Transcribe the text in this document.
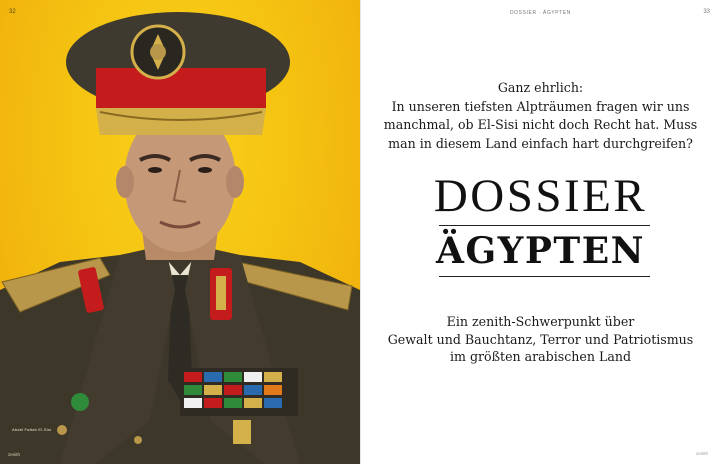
32
Abdel Fattah El-Sisi
zenith
DOSSIER · ÄGYPTEN	33
Ganz ehrlich:
In unseren tiefsten Alpträumen fragen wir uns
manchmal, ob El-Sisi nicht doch Recht hat. Muss
man in diesem Land einfach hart durchgreifen?
DOSSIER
ÄGYPTEN
Ein zenith-Schwerpunkt über
Gewalt und Bauchtanz, Terror und Patriotismus
im größten arabischen Land
zenith
